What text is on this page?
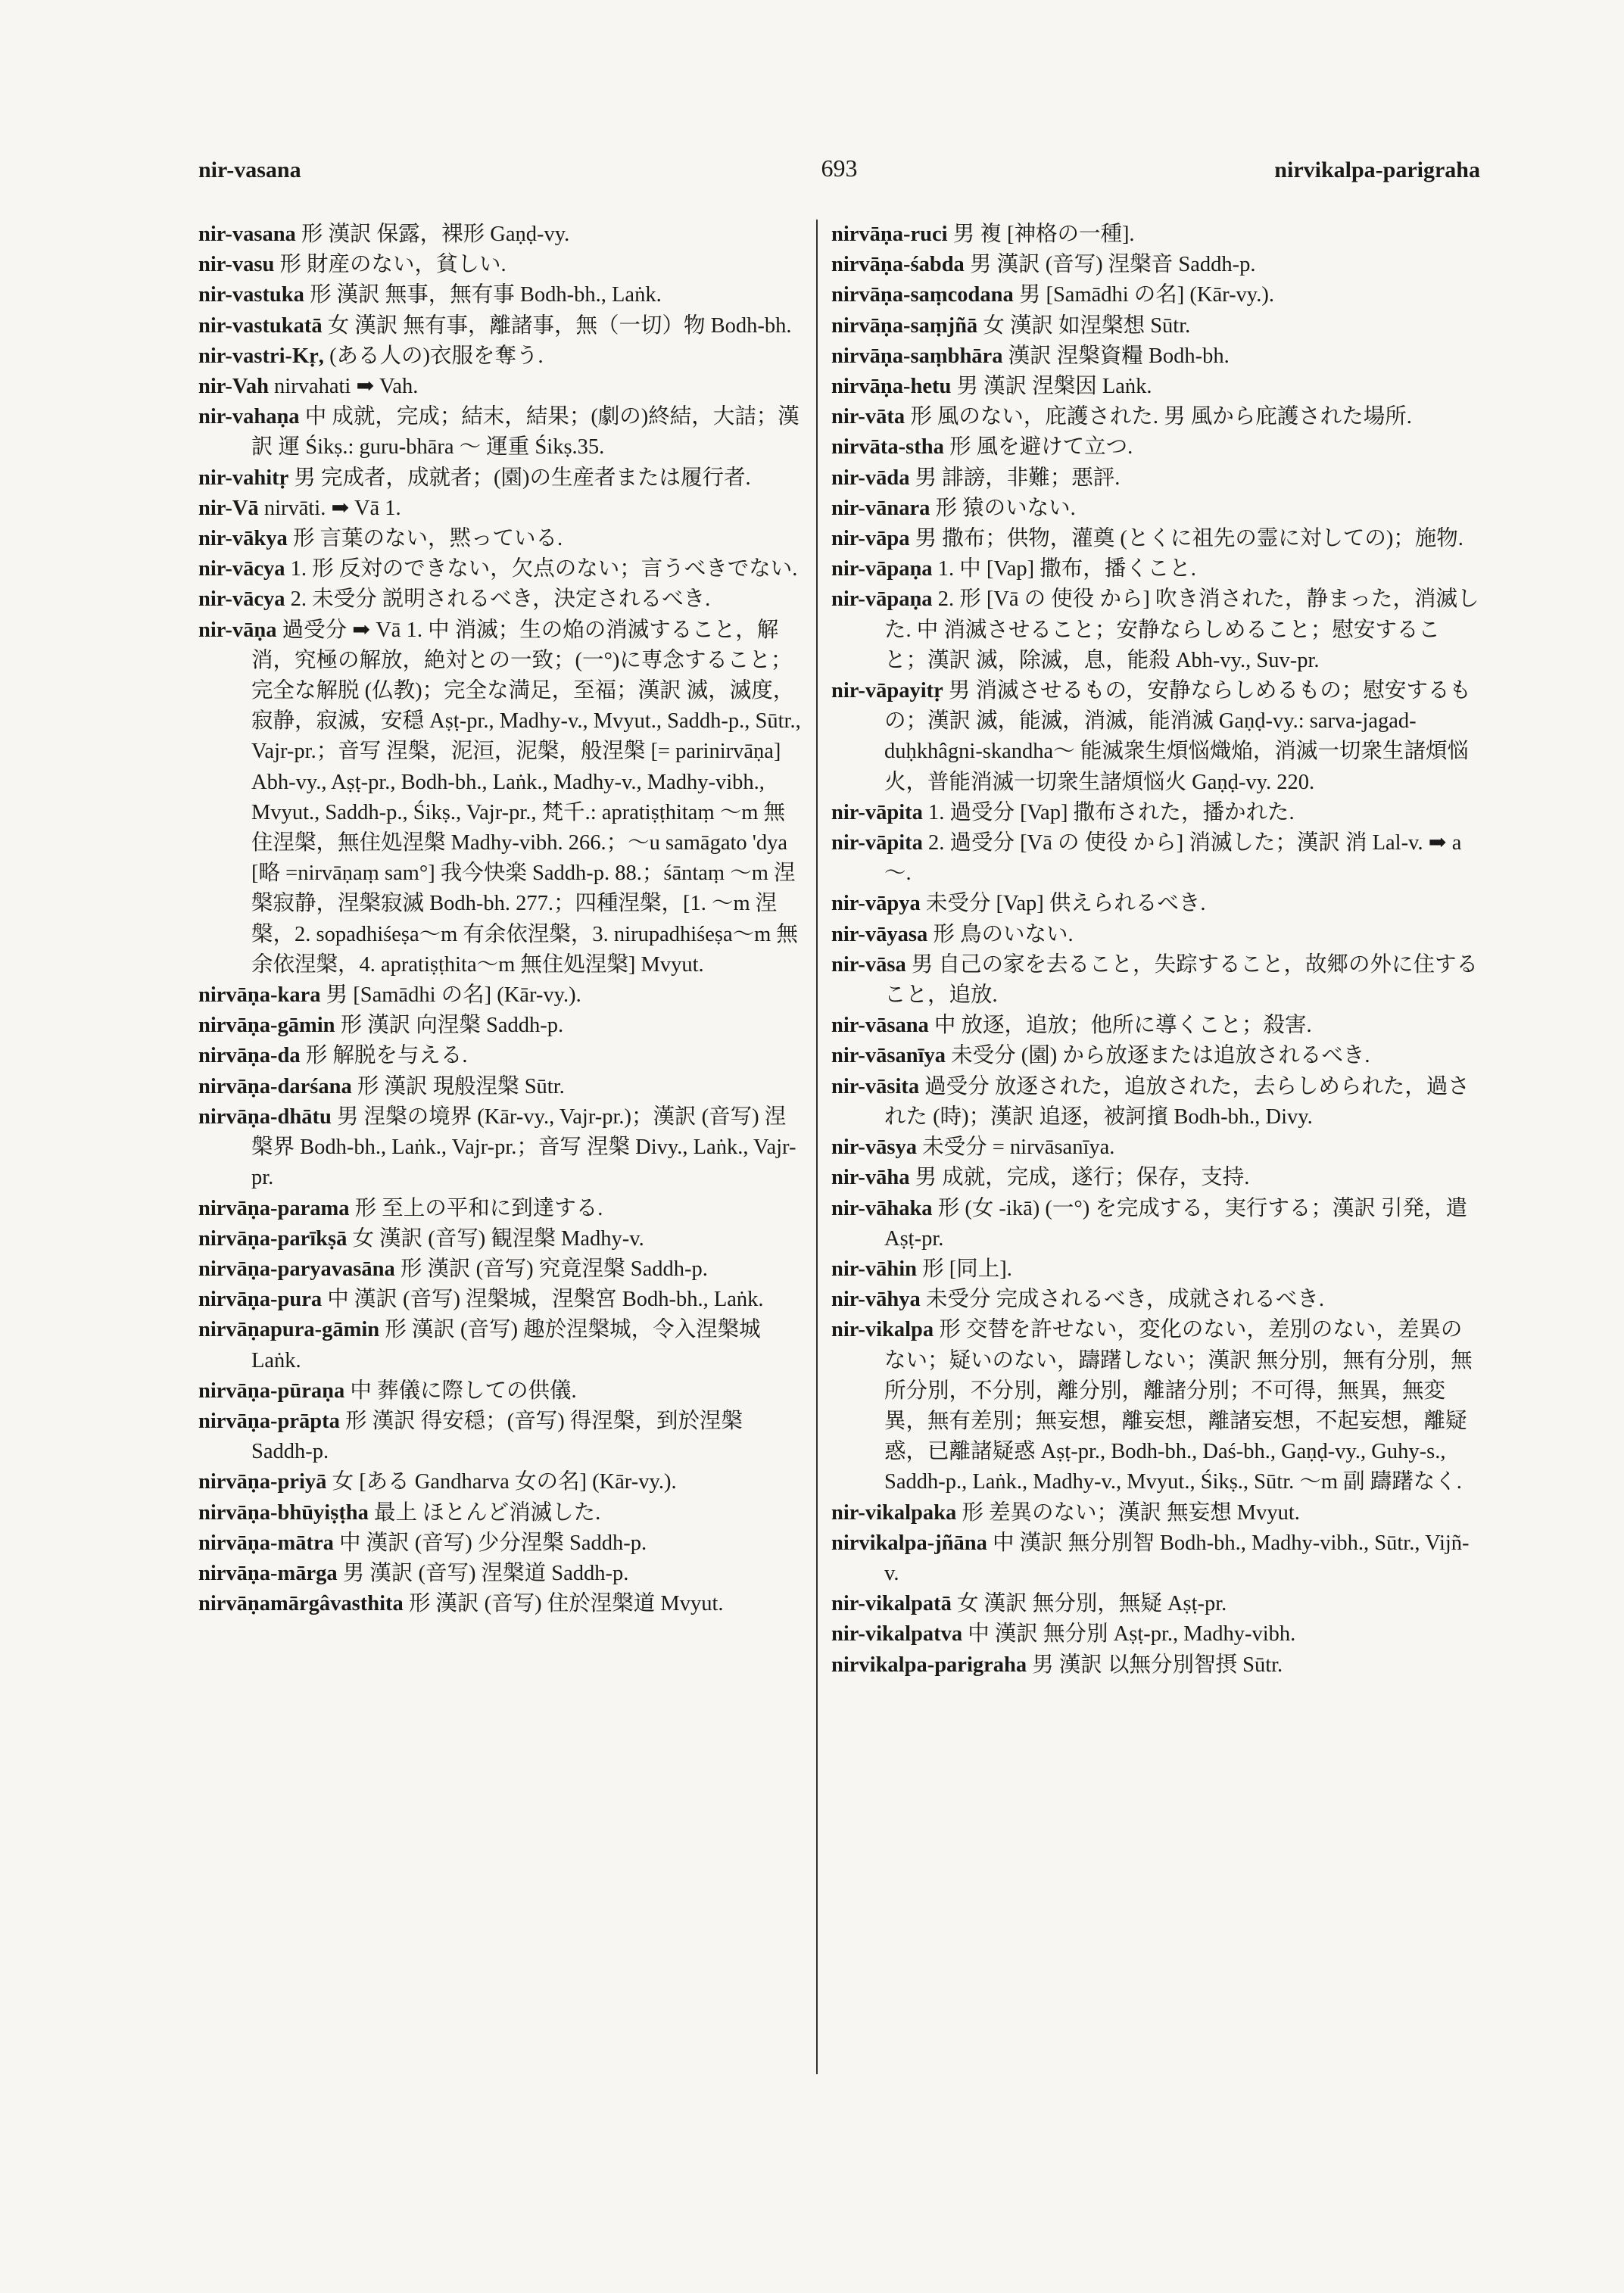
nir-vasana	693	nirvikalpa-parigraha

nir-vasana 形 漢訳 保露，裸形 Gaṇḍ-vy.

nir-vasu 形 財産のない，貧しい.

nir-vastuka 形 漢訳 無事，無有事 Bodh-bh., Laṅk.

nir-vastukatā 女 漢訳 無有事，離諸事，無（一切）物 Bodh-bh.

nir-vastri-Kṛ, (ある人の)衣服を奪う.

nir-Vah nirvahati ➡ Vah.

nir-vahaṇa 中 成就，完成；結末，結果；(劇の)終結，大詰；漢訳 運 Śikṣ.: guru-bhāra ～ 運重 Śikṣ.35.

nir-vahitṛ 男 完成者，成就者；(園)の生産者または履行者.

nir-Vā nirvāti. ➡ Vā 1.

nir-vākya 形 言葉のない，黙っている.

nir-vācya 1. 形 反対のできない，欠点のない；言うべきでない.

nir-vācya 2. 未受分 説明されるべき，決定されるべき.

nir-vāṇa 過受分 ➡ Vā 1. 中 消滅；生の焔の消滅すること，解消，究極の解放，絶対との一致；(一°)に専念すること；完全な解脱 (仏教)；完全な満足，至福；漢訳 滅，滅度，寂静，寂滅，安穏 Aṣṭ-pr., Madhy-v., Mvyut., Saddh-p., Sūtr., Vajr-pr.；音写 涅槃，泥洹，泥槃，般涅槃 [= parinirvāṇa] Abh-vy., Aṣṭ-pr., Bodh-bh., Laṅk., Madhy-v., Madhy-vibh., Mvyut., Saddh-p., Śikṣ., Vajr-pr., 梵千.: apratiṣṭhitaṃ ～m 無住涅槃，無住処涅槃 Madhy-vibh. 266.；～u samāgato 'dya [略 =nirvāṇaṃ sam°] 我今快楽 Saddh-p. 88.；śāntaṃ ～m 涅槃寂静，涅槃寂滅 Bodh-bh. 277.；四種涅槃，[1. ～m 涅槃，2. sopadhiśeṣa～m 有余依涅槃，3. nirupadhiśeṣa～m 無余依涅槃，4. apratiṣṭhita～m 無住処涅槃] Mvyut.

nirvāṇa-kara 男 [Samādhi の名] (Kār-vy.).

nirvāṇa-gāmin 形 漢訳 向涅槃 Saddh-p.

nirvāṇa-da 形 解脱を与える.

nirvāṇa-darśana 形 漢訳 現般涅槃 Sūtr.

nirvāṇa-dhātu 男 涅槃の境界 (Kār-vy., Vajr-pr.)；漢訳 (音写) 涅槃界 Bodh-bh., Laṅk., Vajr-pr.；音写 涅槃 Divy., Laṅk., Vajr-pr.

nirvāṇa-parama 形 至上の平和に到達する.

nirvāṇa-parīkṣā 女 漢訳 (音写) 観涅槃 Madhy-v.

nirvāṇa-paryavasāna 形 漢訳 (音写) 究竟涅槃 Saddh-p.

nirvāṇa-pura 中 漢訳 (音写) 涅槃城，涅槃宮 Bodh-bh., Laṅk.

nirvāṇapura-gāmin 形 漢訳 (音写) 趣於涅槃城，令入涅槃城 Laṅk.

nirvāṇa-pūraṇa 中 葬儀に際しての供儀.

nirvāṇa-prāpta 形 漢訳 得安穏；(音写) 得涅槃，到於涅槃 Saddh-p.

nirvāṇa-priyā 女 [ある Gandharva 女の名] (Kār-vy.).

nirvāṇa-bhūyiṣṭha 最上 ほとんど消滅した.

nirvāṇa-mātra 中 漢訳 (音写) 少分涅槃 Saddh-p.

nirvāṇa-mārga 男 漢訳 (音写) 涅槃道 Saddh-p.

nirvāṇamārgâvasthita 形 漢訳 (音写) 住於涅槃道 Mvyut.

nirvāṇa-ruci 男 複 [神格の一種].

nirvāṇa-śabda 男 漢訳 (音写) 涅槃音 Saddh-p.

nirvāṇa-saṃcodana 男 [Samādhi の名] (Kār-vy.).

nirvāṇa-saṃjñā 女 漢訳 如涅槃想 Sūtr.

nirvāṇa-saṃbhāra 漢訳 涅槃資糧 Bodh-bh.

nirvāṇa-hetu 男 漢訳 涅槃因 Laṅk.

nir-vāta 形 風のない，庇護された. 男 風から庇護された場所.

nirvāta-stha 形 風を避けて立つ.

nir-vāda 男 誹謗，非難；悪評.

nir-vānara 形 猿のいない.

nir-vāpa 男 撒布；供物，灌奠 (とくに祖先の霊に対しての)；施物.

nir-vāpaṇa 1. 中 [Vap] 撒布，播くこと.

nir-vāpaṇa 2. 形 [Vā の 使役 から] 吹き消された，静まった，消滅した. 中 消滅させること；安静ならしめること；慰安すること；漢訳 滅，除滅，息，能殺 Abh-vy., Suv-pr.

nir-vāpayitṛ 男 消滅させるもの，安静ならしめるもの；慰安するもの；漢訳 滅，能滅，消滅，能消滅 Gaṇḍ-vy.: sarva-jagad-duḥkhâgni-skandha～ 能滅衆生煩悩熾焔，消滅一切衆生諸煩悩火，普能消滅一切衆生諸煩悩火 Gaṇḍ-vy. 220.

nir-vāpita 1. 過受分 [Vap] 撒布された，播かれた.

nir-vāpita 2. 過受分 [Vā の 使役 から] 消滅した；漢訳 消 Lal-v. ➡ a～.

nir-vāpya 未受分 [Vap] 供えられるべき.

nir-vāyasa 形 鳥のいない.

nir-vāsa 男 自己の家を去ること，失踪すること，故郷の外に住すること，追放.

nir-vāsana 中 放逐，追放；他所に導くこと；殺害.

nir-vāsanīya 未受分 (園) から放逐または追放されるべき.

nir-vāsita 過受分 放逐された，追放された，去らしめられた，過された (時)；漢訳 追逐，被訶擯 Bodh-bh., Divy.

nir-vāsya 未受分 = nirvāsanīya.

nir-vāha 男 成就，完成，遂行；保存，支持.

nir-vāhaka 形 (女 -ikā) (一°) を完成する，実行する；漢訳 引発，遣 Aṣṭ-pr.

nir-vāhin 形 [同上].

nir-vāhya 未受分 完成されるべき，成就されるべき.

nir-vikalpa 形 交替を許せない，変化のない，差別のない，差異のない；疑いのない，躊躇しない；漢訳 無分別，無有分別，無所分別，不分別，離分別，離諸分別；不可得，無異，無変異，無有差別；無妄想，離妄想，離諸妄想，不起妄想，離疑惑，已離諸疑惑 Aṣṭ-pr., Bodh-bh., Daś-bh., Gaṇḍ-vy., Guhy-s., Saddh-p., Laṅk., Madhy-v., Mvyut., Śikṣ., Sūtr. ～m 副 躊躇なく.

nir-vikalpaka 形 差異のない；漢訳 無妄想 Mvyut.

nirvikalpa-jñāna 中 漢訳 無分別智 Bodh-bh., Madhy-vibh., Sūtr., Vijñ-v.

nir-vikalpatā 女 漢訳 無分別，無疑 Aṣṭ-pr.

nir-vikalpatva 中 漢訳 無分別 Aṣṭ-pr., Madhy-vibh.

nirvikalpa-parigraha 男 漢訳 以無分別智摂 Sūtr.
